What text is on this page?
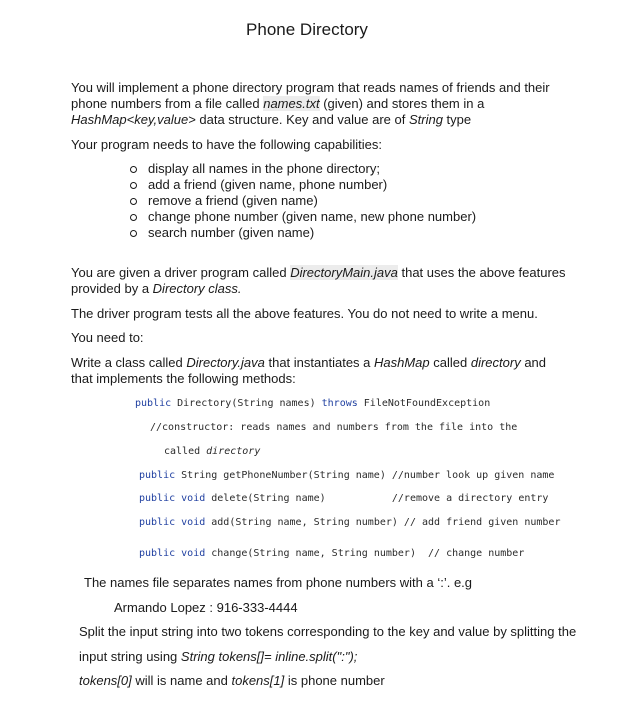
Phone Directory
You will implement a phone directory program that reads names of friends and their
phone numbers from a file called names.txt (given) and stores them in a
HashMap<key,value> data structure. Key and value are of String type
Your program needs to have the following capabilities:
display all names in the phone directory;
add a friend (given name, phone number)
remove a friend (given name)
change phone number (given name, new phone number)
search number (given name)
You are given a driver program called DirectoryMain.java that uses the above features
provided by a Directory class.
The driver program tests all the above features. You do not need to write a menu.
You need to:
Write a class called Directory.java that instantiates a HashMap called directory and
that implements the following methods:
public Directory(String names) throws FileNotFoundException
//constructor: reads names and numbers from the file into the
called directory
public String getPhoneNumber(String name) //number look up given name
public void delete(String name)           //remove a directory entry
public void add(String name, String number) // add friend given number
public void change(String name, String number)  // change number
The names file separates names from phone numbers with a ‘:’. e.g
Armando Lopez : 916-333-4444
Split the input string into two tokens corresponding to the key and value by splitting the
input string using String tokens[]= inline.split(":");
tokens[0] will is name and tokens[1] is phone number
